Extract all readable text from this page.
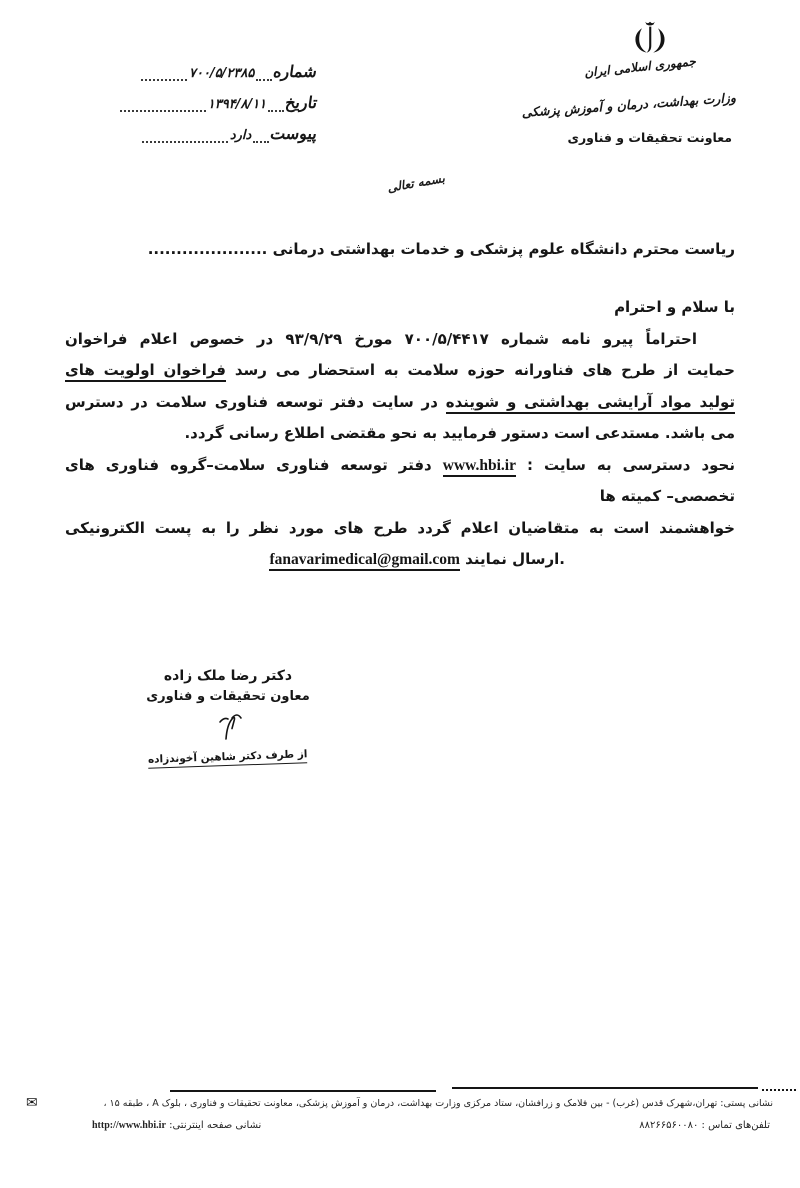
جمهوری اسلامی ایران
وزارت بهداشت، درمان و آموزش پزشکی
معاونت تحقیقات و فناوری
شماره
۷۰۰/۵/۲۳۸۵
تاریخ
۱۳۹۴/۸/۱۱
پیوست
دارد
بسمه تعالی
ریاست محترم دانشگاه علوم پزشکی و خدمات بهداشتی درمانی .....................
با سلام و احترام
احتراماً پیرو نامه شماره ۷۰۰/۵/۴۴۱۷ مورخ ۹۳/۹/۲۹ در خصوص اعلام فراخوان
حمایت از طرح های فناورانه حوزه سلامت به استحضار می رسد فراخوان اولویت های
تولید مواد آرایشی بهداشتی و شوینده در سایت دفتر توسعه فناوری سلامت در دسترس
می باشد. مستدعی است دستور فرمایید به نحو مقتضی اطلاع رسانی گردد.
نحود دسترسی به سایت : www.hbi.ir دفتر توسعه فناوری سلامت–گروه فناوری های
تخصصی– کمیته ها
خواهشمند است به متقاضیان اعلام گردد طرح های مورد نظر را به پست الکترونیکی
fanavarimedical@gmail.com ارسال نمایند.
دکتر رضا ملک زاده
معاون تحقیقات و فناوری
از طرف دکتر شاهین آخوندزاده
✉	نشانی پستی: تهران،شهرک قدس (غرب) - بین فلامک و زرافشان، ستاد مرکزی وزارت بهداشت، درمان و آموزش پزشکی، معاونت تحقیقات و فناوری ، بلوک A ، طبقه ۱۵ ،
تلفن‌های تماس : ۸۸۲۶۶۵۶۰۰۸۰
نشانی صفحه اینترنتی: http://www.hbi.ir
